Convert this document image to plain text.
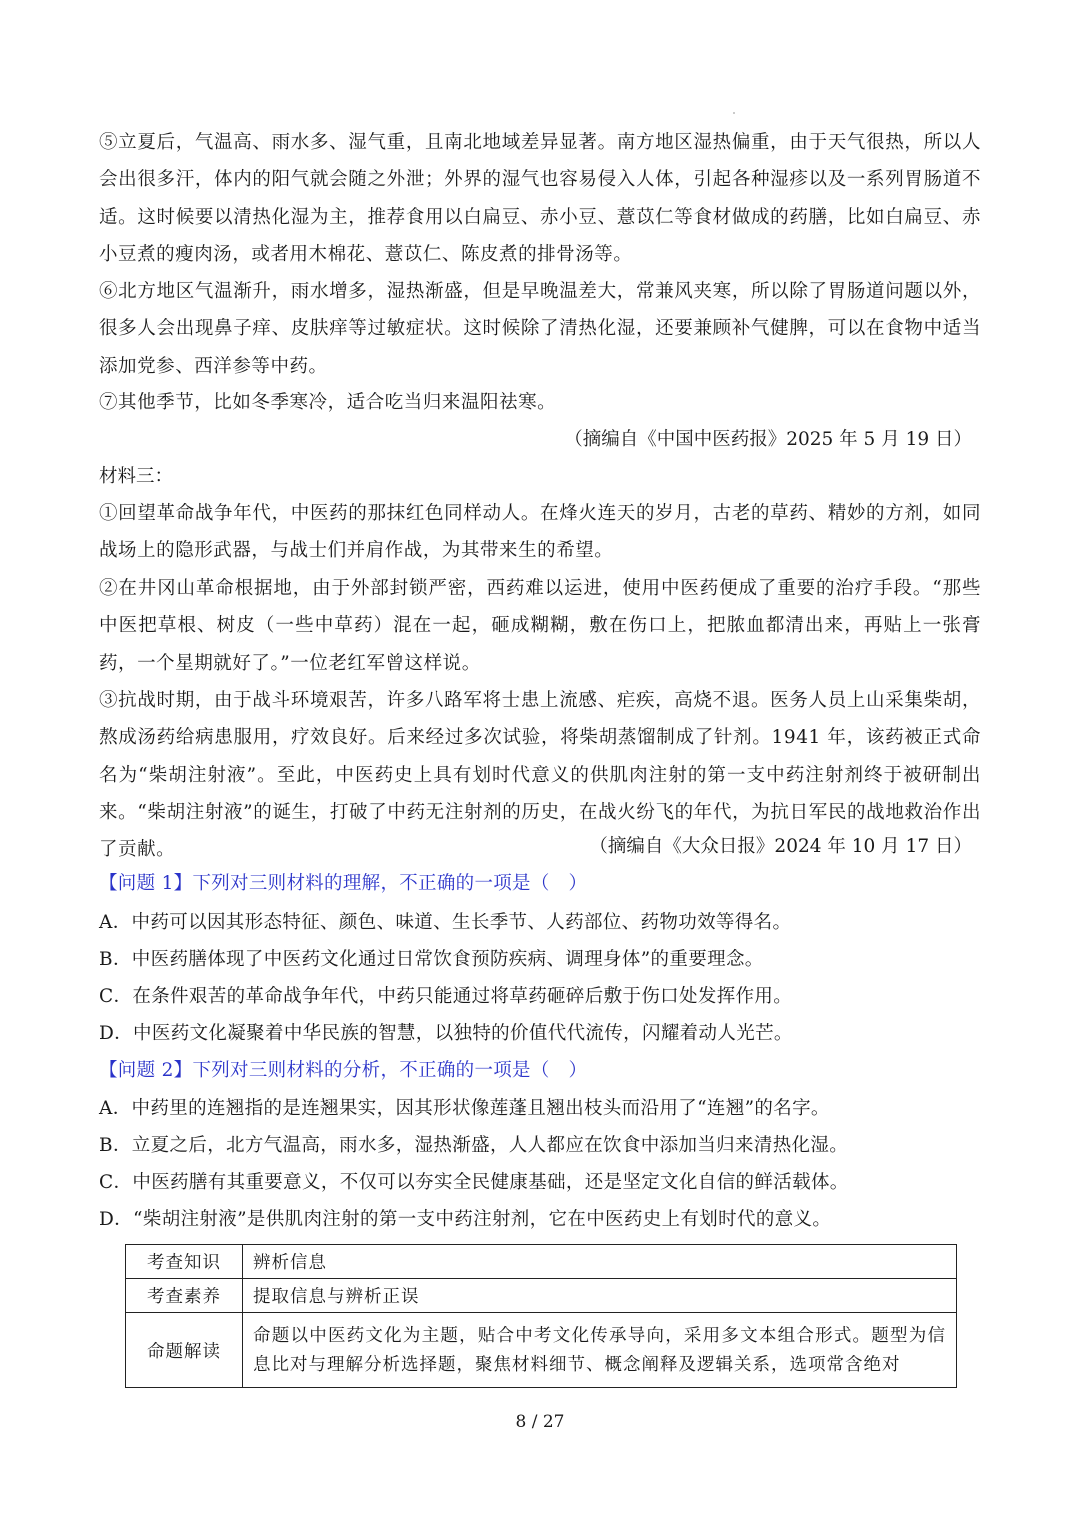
⑤立夏后，气温高、雨水多、湿气重，且南北地域差异显著。南方地区湿热偏重，由于天气很热，所以人会出很多汗，体内的阳气就会随之外泄；外界的湿气也容易侵入人体，引起各种湿疹以及一系列胃肠道不适。这时候要以清热化湿为主，推荐食用以白扁豆、赤小豆、薏苡仁等食材做成的药膳，比如白扁豆、赤小豆煮的瘦肉汤，或者用木棉花、薏苡仁、陈皮煮的排骨汤等。

⑥北方地区气温渐升，雨水增多，湿热渐盛，但是早晚温差大，常兼风夹寒，所以除了胃肠道问题以外，很多人会出现鼻子痒、皮肤痒等过敏症状。这时候除了清热化湿，还要兼顾补气健脾，可以在食物中适当添加党参、西洋参等中药。

⑦其他季节，比如冬季寒冷，适合吃当归来温阳祛寒。

（摘编自《中国中医药报》2025 年 5 月 19 日）
材料三：

①回望革命战争年代，中医药的那抹红色同样动人。在烽火连天的岁月，古老的草药、精妙的方剂，如同战场上的隐形武器，与战士们并肩作战，为其带来生的希望。

②在井冈山革命根据地，由于外部封锁严密，西药难以运进，使用中医药便成了重要的治疗手段。“那些中医把草根、树皮（一些中草药）混在一起，砸成糊糊，敷在伤口上，把脓血都清出来，再贴上一张膏药，一个星期就好了。”一位老红军曾这样说。

③抗战时期，由于战斗环境艰苦，许多八路军将士患上流感、疟疾，高烧不退。医务人员上山采集柴胡，熬成汤药给病患服用，疗效良好。后来经过多次试验，将柴胡蒸馏制成了针剂。1941 年，该药被正式命名为“柴胡注射液”。至此，中医药史上具有划时代意义的供肌肉注射的第一支中药注射剂终于被研制出来。“柴胡注射液”的诞生，打破了中药无注射剂的历史，在战火纷飞的年代，为抗日军民的战地救治作出了贡献。	（摘编自《大众日报》2024 年 10 月 17 日）
【问题 1】下列对三则材料的理解，不正确的一项是（　）
A．中药可以因其形态特征、颜色、味道、生长季节、人药部位、药物功效等得名。
B．中医药膳体现了中医药文化通过日常饮食预防疾病、调理身体”的重要理念。
C．在条件艰苦的革命战争年代，中药只能通过将草药砸碎后敷于伤口处发挥作用。
D．中医药文化凝聚着中华民族的智慧，以独特的价值代代流传，闪耀着动人光芒。
【问题 2】下列对三则材料的分析，不正确的一项是（　）
A．中药里的连翘指的是连翘果实，因其形状像莲蓬且翘出枝头而沿用了“连翘”的名字。
B．立夏之后，北方气温高，雨水多，湿热渐盛，人人都应在饮食中添加当归来清热化湿。
C．中医药膳有其重要意义，不仅可以夯实全民健康基础，还是坚定文化自信的鲜活载体。
D．“柴胡注射液”是供肌肉注射的第一支中药注射剂，它在中医药史上有划时代的意义。
考查知识	辨析信息
考查素养	提取信息与辨析正误
命题解读	命题以中医药文化为主题，贴合中考文化传承导向，采用多文本组合形式。题型为信息比对与理解分析选择题，聚焦材料细节、概念阐释及逻辑关系，选项常含绝对
8 / 27
